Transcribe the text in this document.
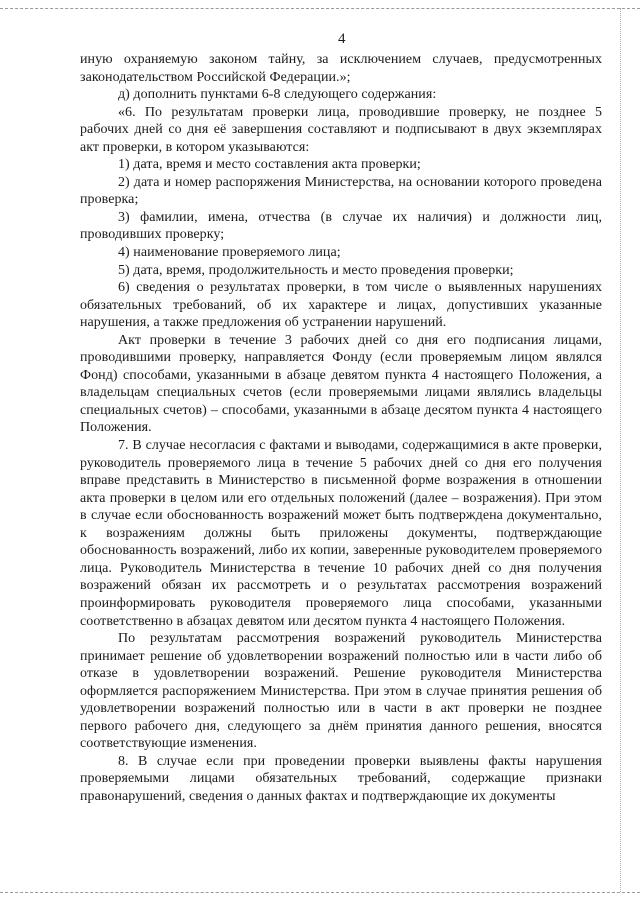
4

иную охраняемую законом тайну, за исключением случаев, предусмотренных законодательством Российской Федерации.»;

д) дополнить пунктами 6-8 следующего содержания:

«6. По результатам проверки лица, проводившие проверку, не позднее 5 рабочих дней со дня её завершения составляют и подписывают в двух экземплярах акт проверки, в котором указываются:

1) дата, время и место составления акта проверки;

2) дата и номер распоряжения Министерства, на основании которого проведена проверка;

3) фамилии, имена, отчества (в случае их наличия) и должности лиц, проводивших проверку;

4) наименование проверяемого лица;

5) дата, время, продолжительность и место проведения проверки;

6) сведения о результатах проверки, в том числе о выявленных нарушениях обязательных требований, об их характере и лицах, допустивших указанные нарушения, а также предложения об устранении нарушений.

Акт проверки в течение 3 рабочих дней со дня его подписания лицами, проводившими проверку, направляется Фонду (если проверяемым лицом являлся Фонд) способами, указанными в абзаце девятом пункта 4 настоящего Положения, а владельцам специальных счетов (если проверяемыми лицами являлись владельцы специальных счетов) – способами, указанными в абзаце десятом пункта 4 настоящего Положения.

7. В случае несогласия с фактами и выводами, содержащимися в акте проверки, руководитель проверяемого лица в течение 5 рабочих дней со дня его получения вправе представить в Министерство в письменной форме возражения в отношении акта проверки в целом или его отдельных положений (далее – возражения). При этом в случае если обоснованность возражений может быть подтверждена документально, к возражениям должны быть приложены документы, подтверждающие обоснованность возражений, либо их копии, заверенные руководителем проверяемого лица. Руководитель Министерства в течение 10 рабочих дней со дня получения возражений обязан их рассмотреть и о результатах рассмотрения возражений проинформировать руководителя проверяемого лица способами, указанными соответственно в абзацах девятом или десятом пункта 4 настоящего Положения.

По результатам рассмотрения возражений руководитель Министерства принимает решение об удовлетворении возражений полностью или в части либо об отказе в удовлетворении возражений. Решение руководителя Министерства оформляется распоряжением Министерства. При этом в случае принятия решения об удовлетворении возражений полностью или в части в акт проверки не позднее первого рабочего дня, следующего за днём принятия данного решения, вносятся соответствующие изменения.

8. В случае если при проведении проверки выявлены факты нарушения проверяемыми лицами обязательных требований, содержащие признаки правонарушений, сведения о данных фактах и подтверждающие их документы
